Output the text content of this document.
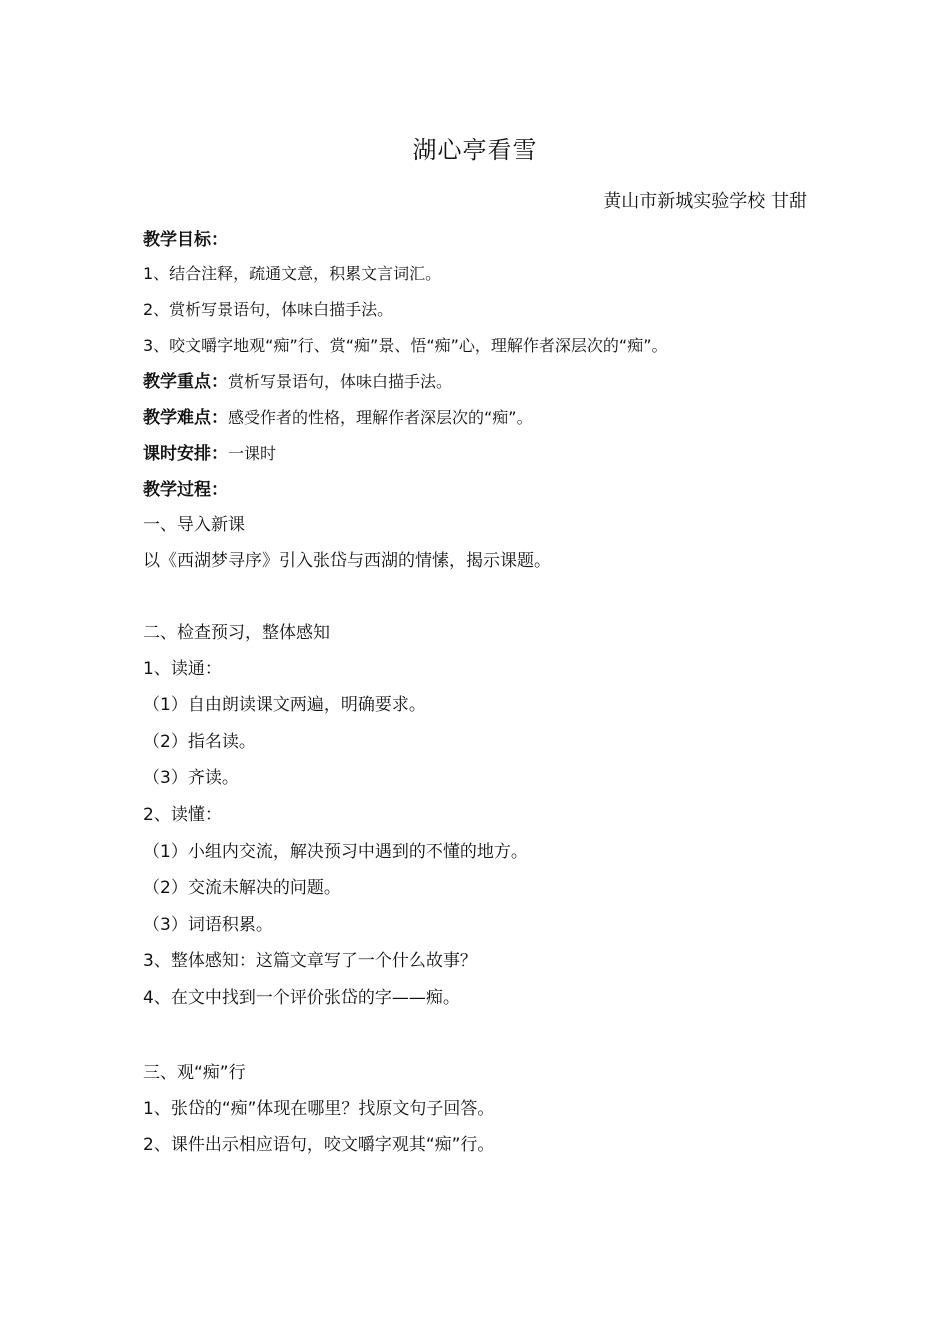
湖心亭看雪
黄山市新城实验学校 甘甜
教学目标：
1、结合注释，疏通文意，积累文言词汇。
2、赏析写景语句，体味白描手法。
3、咬文嚼字地观“痴”行、赏“痴”景、悟“痴”心，理解作者深层次的“痴”。
教学重点：赏析写景语句，体味白描手法。
教学难点：感受作者的性格，理解作者深层次的“痴”。
课时安排：一课时
教学过程：
一、导入新课
以《西湖梦寻序》引入张岱与西湖的情愫，揭示课题。
二、检查预习，整体感知
1、读通：
（1）自由朗读课文两遍，明确要求。
（2）指名读。
（3）齐读。
2、读懂：
（1）小组内交流，解决预习中遇到的不懂的地方。
（2）交流未解决的问题。
（3）词语积累。
3、整体感知：这篇文章写了一个什么故事？
4、在文中找到一个评价张岱的字——痴。
三、观“痴”行
1、张岱的“痴”体现在哪里？找原文句子回答。
2、课件出示相应语句，咬文嚼字观其“痴”行。
